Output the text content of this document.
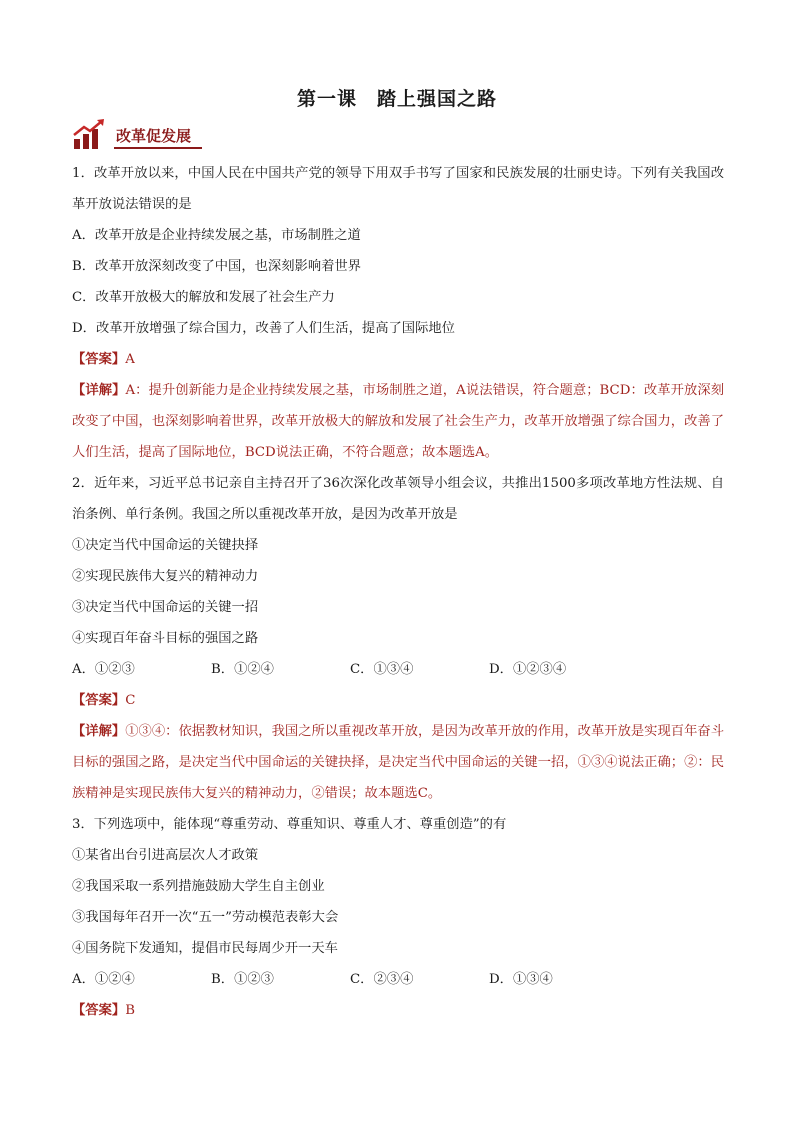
第一课　踏上强国之路
改革促发展
1．改革开放以来，中国人民在中国共产党的领导下用双手书写了国家和民族发展的壮丽史诗。下列有关我国改革开放说法错误的是
A．改革开放是企业持续发展之基，市场制胜之道
B．改革开放深刻改变了中国，也深刻影响着世界
C．改革开放极大的解放和发展了社会生产力
D．改革开放增强了综合国力，改善了人们生活，提高了国际地位
【答案】A
【详解】A：提升创新能力是企业持续发展之基，市场制胜之道，A说法错误，符合题意；BCD：改革开放深刻改变了中国，也深刻影响着世界，改革开放极大的解放和发展了社会生产力，改革开放增强了综合国力，改善了人们生活，提高了国际地位，BCD说法正确，不符合题意；故本题选A。
2．近年来，习近平总书记亲自主持召开了36次深化改革领导小组会议，共推出1500多项改革地方性法规、自治条例、单行条例。我国之所以重视改革开放，是因为改革开放是
①决定当代中国命运的关键抉择
②实现民族伟大复兴的精神动力
③决定当代中国命运的关键一招
④实现百年奋斗目标的强国之路
A．①②③	B．①②④	C．①③④	D．①②③④
【答案】C
【详解】①③④：依据教材知识，我国之所以重视改革开放，是因为改革开放的作用，改革开放是实现百年奋斗目标的强国之路，是决定当代中国命运的关键抉择，是决定当代中国命运的关键一招，①③④说法正确；②：民族精神是实现民族伟大复兴的精神动力，②错误；故本题选C。
3．下列选项中，能体现“尊重劳动、尊重知识、尊重人才、尊重创造”的有
①某省出台引进高层次人才政策
②我国采取一系列措施鼓励大学生自主创业
③我国每年召开一次“五一”劳动模范表彰大会
④国务院下发通知，提倡市民每周少开一天车
A．①②④	B．①②③	C．②③④	D．①③④
【答案】B
